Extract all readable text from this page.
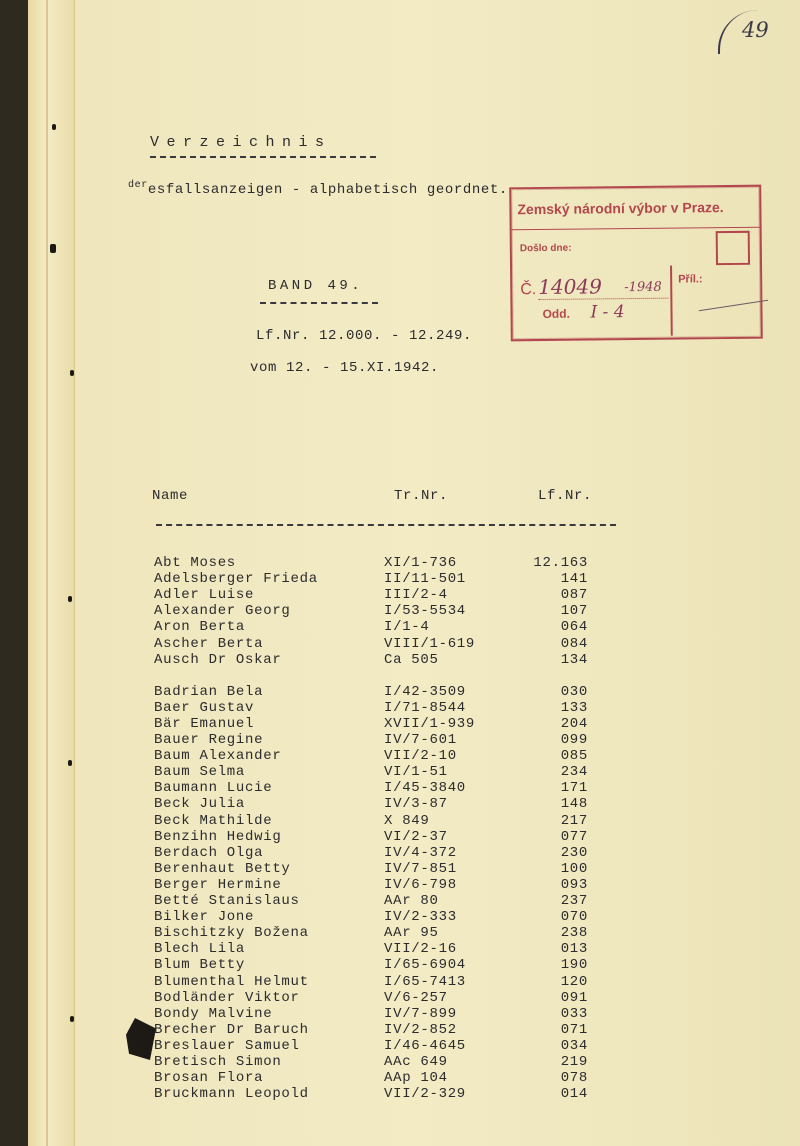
49
Verzeichnis
$^{der}$esfallsanzeigen - alphabetisch geordnet.
BAND 49.
Lf.Nr. 12.000. - 12.249.
vom 12. - 15.XI.1942.
Zemský národní výbor v Praze.
Došlo dne:
Č. 14049 -1948
Odd. I - 4
Příl.:
Name	Tr.Nr.	Lf.Nr.
Abt Moses	XI/1-736	12.163
Adelsberger Frieda	II/11-501	141
Adler Luise	III/2-4	087
Alexander Georg	I/53-5534	107
Aron Berta	I/1-4	064
Ascher Berta	VIII/1-619	084
Ausch Dr Oskar	Ca 505	134
Badrian Bela	I/42-3509	030
Baer Gustav	I/71-8544	133
Bär Emanuel	XVII/1-939	204
Bauer Regine	IV/7-601	099
Baum Alexander	VII/2-10	085
Baum Selma	VI/1-51	234
Baumann Lucie	I/45-3840	171
Beck Julia	IV/3-87	148
Beck Mathilde	X 849	217
Benzihn Hedwig	VI/2-37	077
Berdach Olga	IV/4-372	230
Berenhaut Betty	IV/7-851	100
Berger Hermine	IV/6-798	093
Betté Stanislaus	AAr 80	237
Bilker Jone	IV/2-333	070
Bischitzky Božena	AAr 95	238
Blech Lila	VII/2-16	013
Blum Betty	I/65-6904	190
Blumenthal Helmut	I/65-7413	120
Bodländer Viktor	V/6-257	091
Bondy Malvine	IV/7-899	033
Brecher Dr Baruch	IV/2-852	071
Breslauer Samuel	I/46-4645	034
Bretisch Simon	AAc 649	219
Brosan Flora	AAp 104	078
Bruckmann Leopold	VII/2-329	014
